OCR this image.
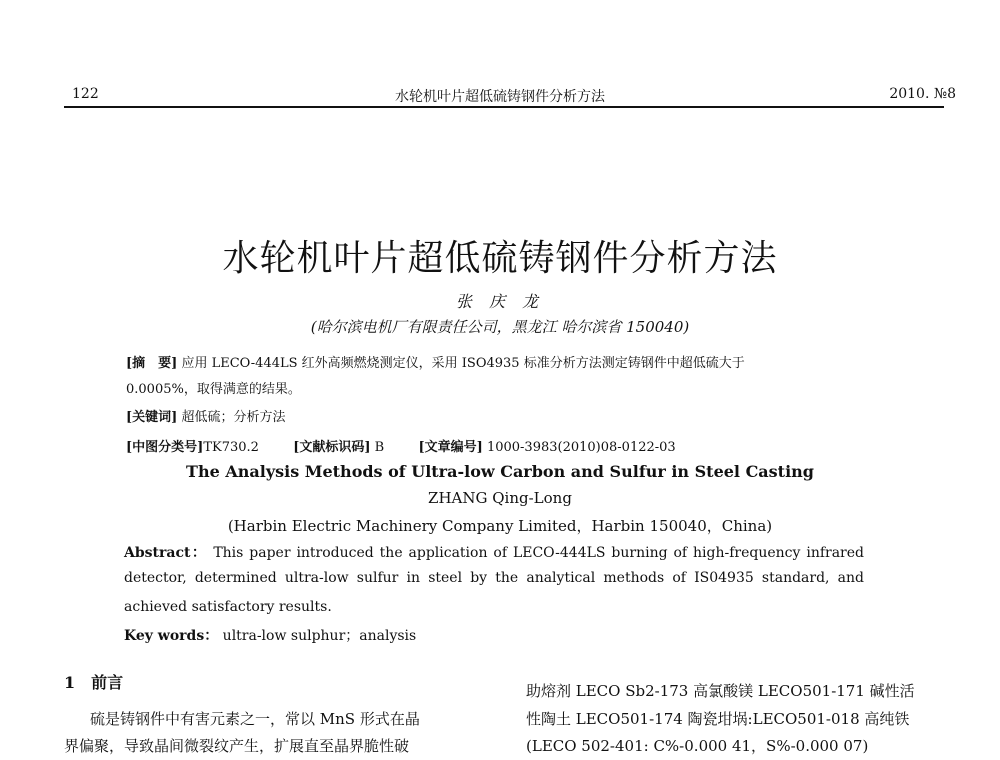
122	水轮机叶片超低硫铸钢件分析方法	2010. №8
水轮机叶片超低硫铸钢件分析方法
张 庆 龙
(哈尔滨电机厂有限责任公司，黑龙江 哈尔滨省 150040)
[摘　要] 应用 LECO-444LS 红外高频燃烧测定仪，采用 ISO4935 标准分析方法测定铸钢件中超低硫大于
0.0005%，取得满意的结果。
[关键词] 超低硫；分析方法
[中图分类号]TK730.2	[文献标识码] B	[文章编号] 1000-3983(2010)08-0122-03
The Analysis Methods of Ultra-low Carbon and Sulfur in Steel Casting
ZHANG Qing-Long
(Harbin Electric Machinery Company Limited，Harbin 150040，China)
Abstract： This paper introduced the application of LECO-444LS burning of high-frequency infrared
detector, determined ultra-low sulfur in steel by the analytical methods of IS04935 standard, and
achieved satisfactory results.
Key words： ultra-low sulphur；analysis
1　前言
硫是铸钢件中有害元素之一，常以 MnS 形式在晶
界偏聚，导致晶间微裂纹产生，扩展直至晶界脆性破
助熔剂 LECO Sb2-173 高氯酸镁 LECO501-171 碱性活
性陶土 LECO501-174 陶瓷坩埚:LECO501-018 高纯铁
(LECO 502-401: C%-0.000 41，S%-0.000 07)
